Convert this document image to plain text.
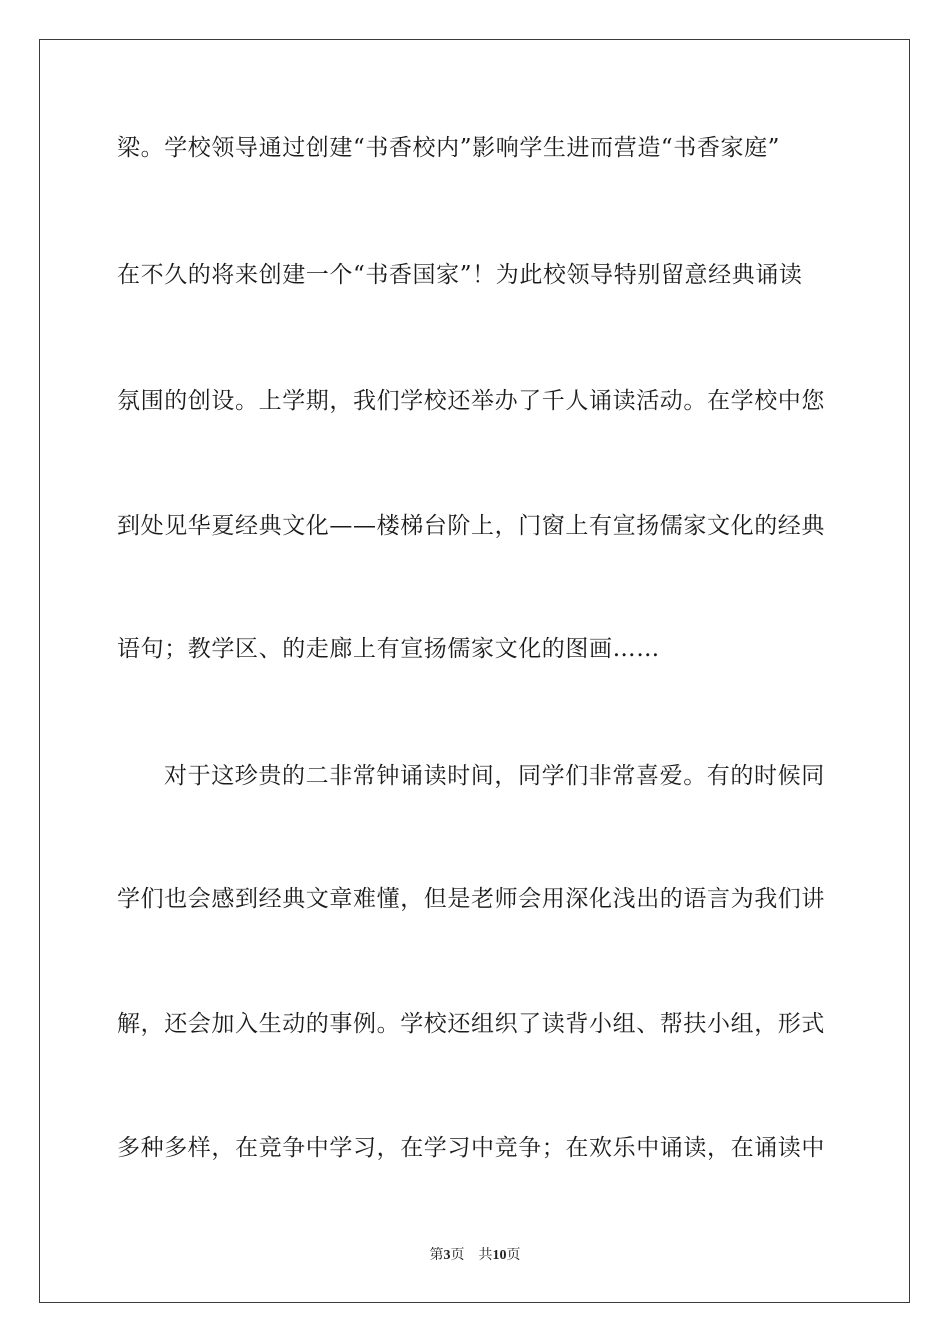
梁。学校领导通过创建“书香校内”影响学生进而营造“书香家庭”
在不久的将来创建一个“书香国家”！为此校领导特别留意经典诵读
氛围的创设。上学期，我们学校还举办了千人诵读活动。在学校中您
到处见华夏经典文化——楼梯台阶上，门窗上有宣扬儒家文化的经典
语句；教学区、的走廊上有宣扬儒家文化的图画……
对于这珍贵的二非常钟诵读时间，同学们非常喜爱。有的时候同
学们也会感到经典文章难懂，但是老师会用深化浅出的语言为我们讲
解，还会加入生动的事例。学校还组织了读背小组、帮扶小组，形式
多种多样，在竞争中学习，在学习中竞争；在欢乐中诵读，在诵读中
第3页 共10页
